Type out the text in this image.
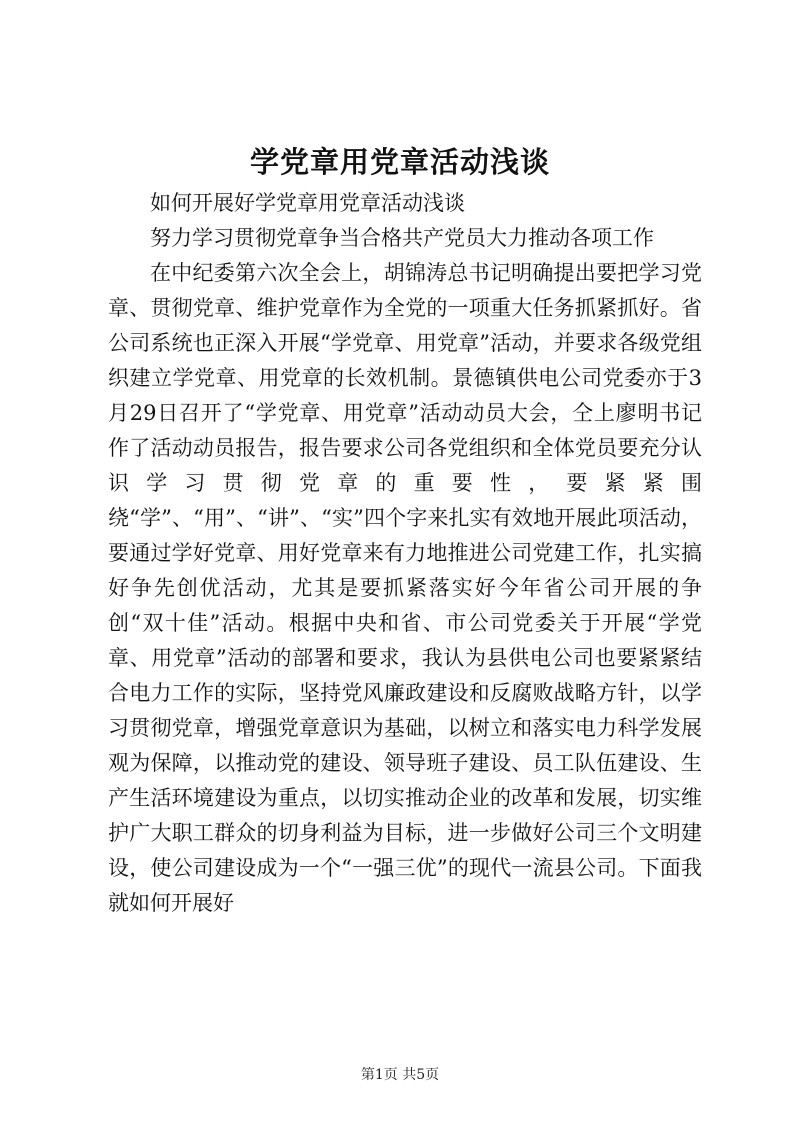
学党章用党章活动浅谈

如何开展好学党章用党章活动浅谈

努力学习贯彻党章争当合格共产党员大力推动各项工作

在中纪委第六次全会上，胡锦涛总书记明确提出要把学习党章、贯彻党章、维护党章作为全党的一项重大任务抓紧抓好。省公司系统也正深入开展“学党章、用党章”活动，并要求各级党组织建立学党章、用党章的长效机制。景德镇供电公司党委亦于3月29日召开了“学党章、用党章”活动动员大会，仝上廖明书记作了活动动员报告，报告要求公司各党组织和全体党员要充分认识学习贯彻党章的重要性，要紧紧围绕“学”、“用”、“讲”、“实”四个字来扎实有效地开展此项活动，要通过学好党章、用好党章来有力地推进公司党建工作，扎实搞好争先创优活动，尤其是要抓紧落实好今年省公司开展的争创“双十佳”活动。根据中央和省、市公司党委关于开展“学党章、用党章”活动的部署和要求，我认为县供电公司也要紧紧结合电力工作的实际，坚持党风廉政建设和反腐败战略方针，以学习贯彻党章，增强党章意识为基础，以树立和落实电力科学发展观为保障，以推动党的建设、领导班子建设、员工队伍建设、生产生活环境建设为重点，以切实推动企业的改革和发展，切实维护广大职工群众的切身利益为目标，进一步做好公司三个文明建设，使公司建设成为一个“一强三优”的现代一流县公司。下面我就如何开展好

第1页 共5页
